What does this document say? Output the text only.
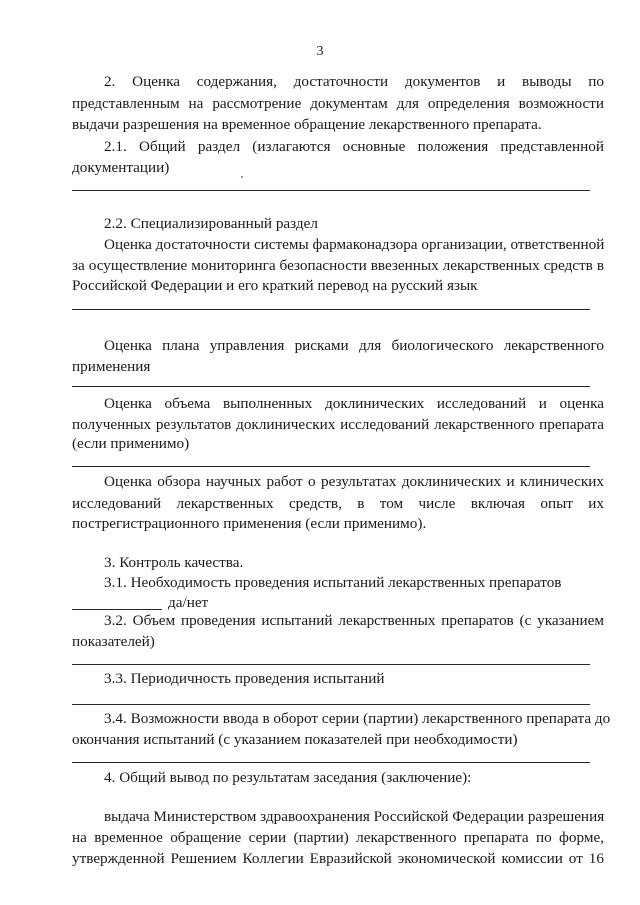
3
2. Оценка содержания, достаточности документов и выводы по
представленным на рассмотрение документам для определения возможности
выдачи разрешения на временное обращение лекарственного препарата.
2.1. Общий раздел (излагаются основные положения представленной
документации)
2.2. Специализированный раздел
Оценка достаточности системы фармаконадзора организации, ответственной
за осуществление мониторинга безопасности ввезенных лекарственных средств в
Российской Федерации и его краткий перевод на русский язык
Оценка плана управления рисками для биологического лекарственного
применения
Оценка объема выполненных доклинических исследований и оценка
полученных результатов доклинических исследований лекарственного препарата
(если применимо)
Оценка обзора научных работ о результатах доклинических и клинических
исследований лекарственных средств, в том числе включая опыт их
пострегистрационного применения (если применимо).
3. Контроль качества.
3.1. Необходимость проведения испытаний лекарственных препаратов
да/нет
3.2. Объем проведения испытаний лекарственных препаратов (с указанием
показателей)
3.3. Периодичность проведения испытаний
3.4. Возможности ввода в оборот серии (партии) лекарственного препарата до
окончания испытаний (с указанием показателей при необходимости)
4. Общий вывод по результатам заседания (заключение):
выдача Министерством здравоохранения Российской Федерации разрешения
на временное обращение серии (партии) лекарственного препарата по форме,
утвержденной Решением Коллегии Евразийской экономической комиссии от 16
